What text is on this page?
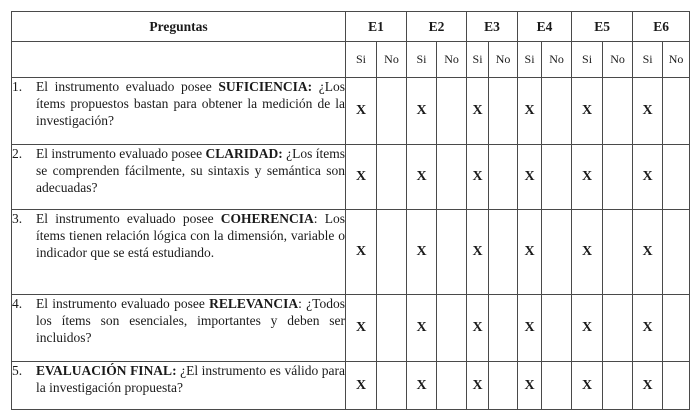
Preguntas	E1		E2		E3		E4		E5		E6	
	Si	No	Si	No	Si	No	Si	No	Si	No	Si	No

1. El instrumento evaluado posee SUFICIENCIA: ¿Los ítems propuestos bastan para obtener la medición de la investigación?	X		X		X		X		X		X	

2. El instrumento evaluado posee CLARIDAD: ¿Los ítems se comprenden fácilmente, su sintaxis y semántica son adecuadas?	X		X		X		X		X		X	

3. El instrumento evaluado posee COHERENCIA: Los ítems tienen relación lógica con la dimensión, variable o indicador que se está estudiando.	X		X		X		X		X		X	

4. El instrumento evaluado posee RELEVANCIA: ¿Todos los ítems son esenciales, importantes y deben ser incluidos?	X		X		X		X		X		X	

5. EVALUACIÓN FINAL: ¿El instrumento es válido para la investigación propuesta?	X		X		X		X		X		X	
